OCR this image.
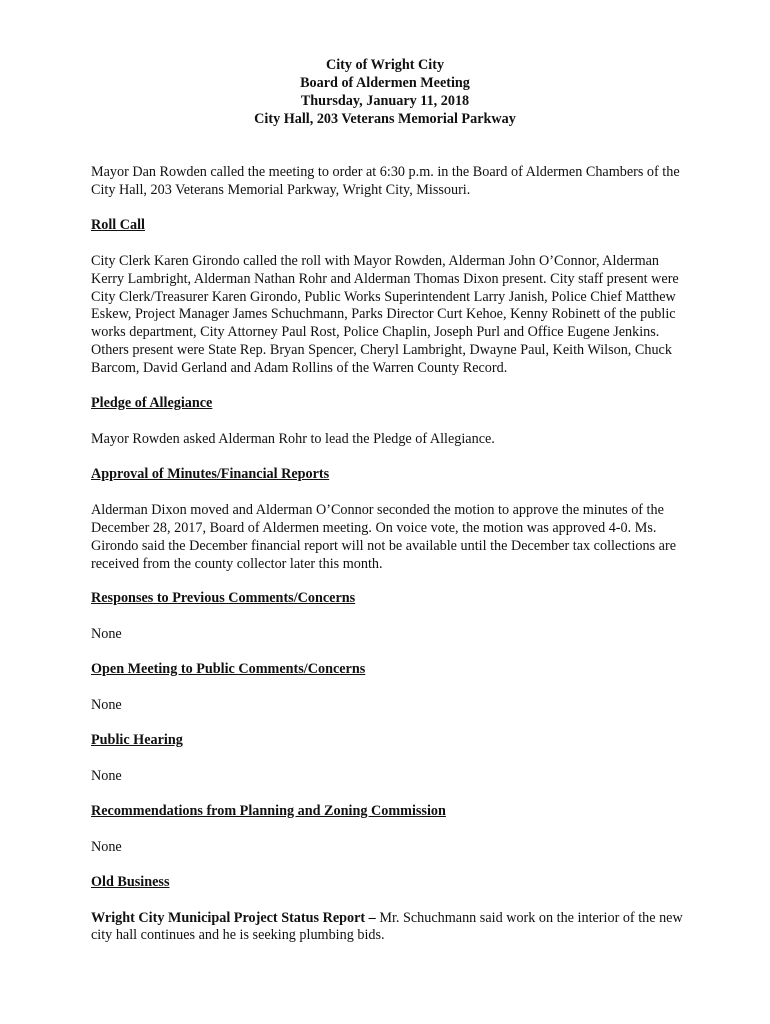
City of Wright City
Board of Aldermen Meeting
Thursday, January 11, 2018
City Hall, 203 Veterans Memorial Parkway

Mayor Dan Rowden called the meeting to order at 6:30 p.m. in the Board of Aldermen Chambers of the City Hall, 203 Veterans Memorial Parkway, Wright City, Missouri.

Roll Call

City Clerk Karen Girondo called the roll with Mayor Rowden, Alderman John O’Connor, Alderman Kerry Lambright, Alderman Nathan Rohr and Alderman Thomas Dixon present. City staff present were City Clerk/Treasurer Karen Girondo, Public Works Superintendent Larry Janish, Police Chief Matthew Eskew, Project Manager James Schuchmann, Parks Director Curt Kehoe, Kenny Robinett of the public works department, City Attorney Paul Rost, Police Chaplin, Joseph Purl and Office Eugene Jenkins. Others present were State Rep. Bryan Spencer, Cheryl Lambright, Dwayne Paul, Keith Wilson, Chuck Barcom, David Gerland and Adam Rollins of the Warren County Record.

Pledge of Allegiance

Mayor Rowden asked Alderman Rohr to lead the Pledge of Allegiance.

Approval of Minutes/Financial Reports

Alderman Dixon moved and Alderman O’Connor seconded the motion to approve the minutes of the December 28, 2017, Board of Aldermen meeting. On voice vote, the motion was approved 4-0. Ms. Girondo said the December financial report will not be available until the December tax collections are received from the county collector later this month.

Responses to Previous Comments/Concerns

None

Open Meeting to Public Comments/Concerns

None

Public Hearing

None

Recommendations from Planning and Zoning Commission

None

Old Business

Wright City Municipal Project Status Report – Mr. Schuchmann said work on the interior of the new city hall continues and he is seeking plumbing bids.
